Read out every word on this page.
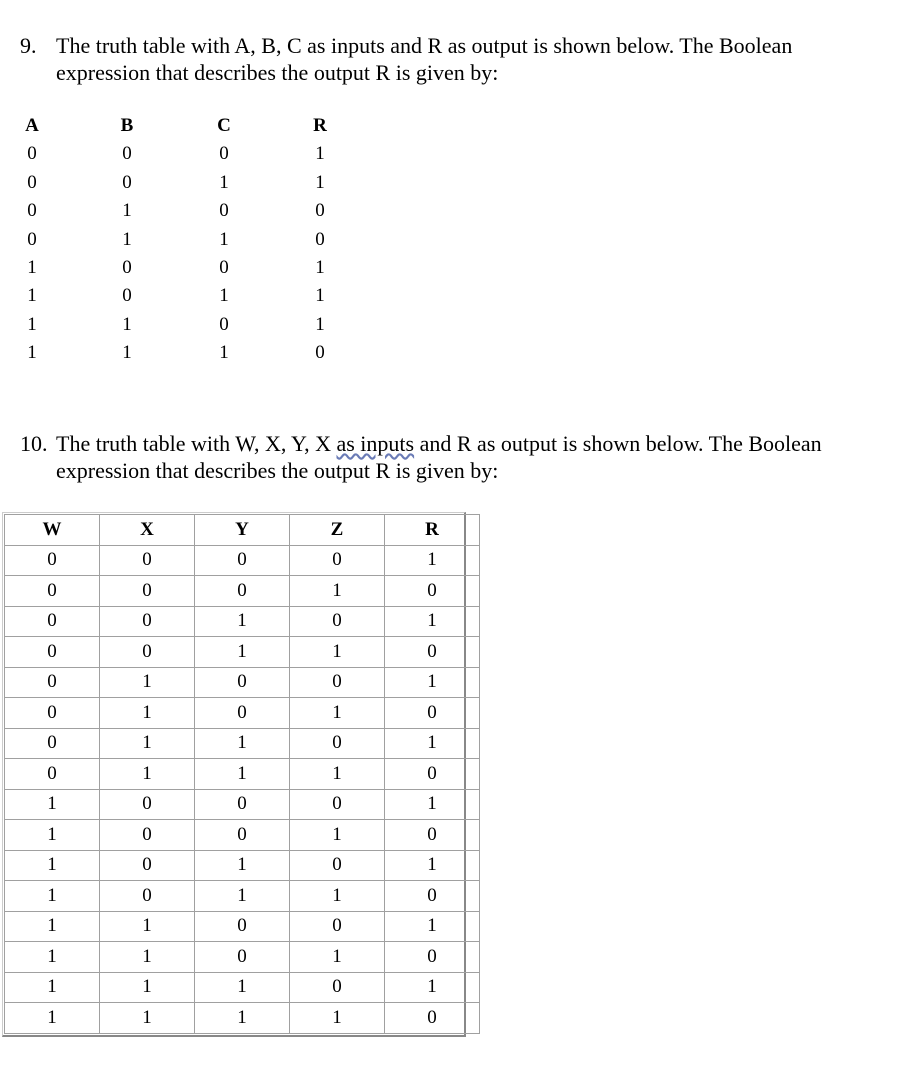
9. The truth table with A, B, C as inputs and R as output is shown below. The Boolean
expression that describes the output R is given by:
A	B	C	R
0	0	0	1
0	0	1	1
0	1	0	0
0	1	1	0
1	0	0	1
1	0	1	1
1	1	0	1
1	1	1	0
10. The truth table with W, X, Y, X as inputs and R as output is shown below. The Boolean
expression that describes the output R is given by:
W	X	Y	Z	R
0	0	0	0	1
0	0	0	1	0
0	0	1	0	1
0	0	1	1	0
0	1	0	0	1
0	1	0	1	0
0	1	1	0	1
0	1	1	1	0
1	0	0	0	1
1	0	0	1	0
1	0	1	0	1
1	0	1	1	0
1	1	0	0	1
1	1	0	1	0
1	1	1	0	1
1	1	1	1	0
